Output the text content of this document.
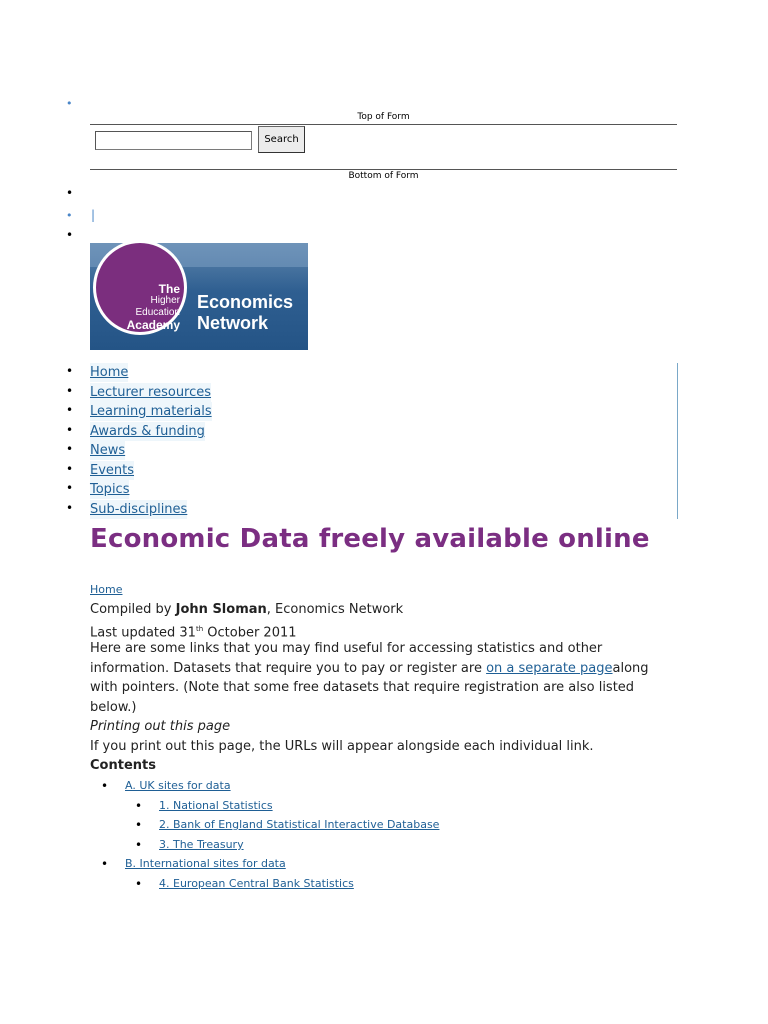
•
Top of Form
Search
Bottom of Form
•
• |
•
The
Higher
Education
Academy
Economics
Network
• Home
• Lecturer resources
• Learning materials
• Awards & funding
• News
• Events
• Topics
• Sub-disciplines
Economic Data freely available online
Home
Compiled by John Sloman, Economics Network
Last updated 31th October 2011
Here are some links that you may find useful for accessing statistics and other information. Datasets that require you to pay or register are on a separate pagealong with pointers. (Note that some free datasets that require registration are also listed below.)
Printing out this page
If you print out this page, the URLs will appear alongside each individual link.
Contents
• A. UK sites for data
• 1. National Statistics
• 2. Bank of England Statistical Interactive Database
• 3. The Treasury
• B. International sites for data
• 4. European Central Bank Statistics
